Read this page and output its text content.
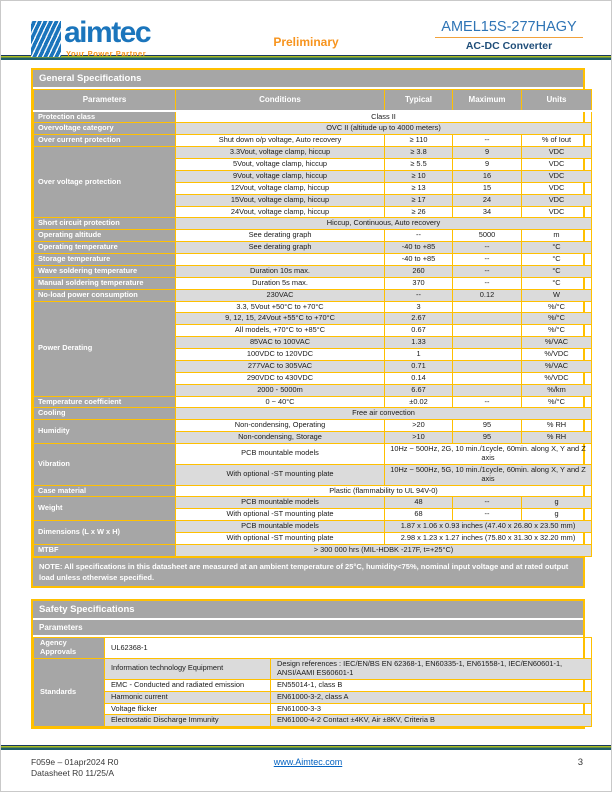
aimtec
Your Power Partner
Preliminary
AMEL15S-277HAGY
AC-DC Converter
General Specifications
Parameters	Conditions	Typical	Maximum	Units
Protection class	Class II			
Overvoltage category	OVC II (altitude up to 4000 meters)			
Over current protection	Shut down o/p voltage, Auto recovery	≥ 110	--	% of Iout
Over voltage protection	3.3Vout, voltage clamp, hiccup	≥ 3.8	9	VDC
	5Vout, voltage clamp, hiccup	≥ 5.5	9	VDC
	9Vout, voltage clamp, hiccup	≥ 10	16	VDC
	12Vout, voltage clamp, hiccup	≥ 13	15	VDC
	15Vout, voltage clamp, hiccup	≥ 17	24	VDC
	24Vout, voltage clamp, hiccup	≥ 26	34	VDC
Short circuit protection	Hiccup, Continuous, Auto recovery			
Operating altitude	See derating graph	--	5000	m
Operating temperature	See derating graph	-40 to +85	--	°C
Storage temperature		-40 to +85	--	°C
Wave soldering temperature	Duration 10s max.	260	--	°C
Manual soldering temperature	Duration 5s max.	370	--	°C
No-load power consumption	230VAC	--	0.12	W
Power Derating	3.3, 5Vout +50°C to +70°C	3		%/°C
	9, 12, 15, 24Vout +55°C to +70°C	2.67		%/°C
	All models, +70°C to +85°C	0.67		%/°C
	85VAC to 100VAC	1.33		%/VAC
	100VDC to 120VDC	1		%/VDC
	277VAC to 305VAC	0.71		%/VAC
	290VDC to 430VDC	0.14		%/VDC
	2000 - 5000m	6.67		%/km
Temperature coefficient	0 ~ 40°C	±0.02	--	%/°C
Cooling	Free air convection			
Humidity	Non-condensing, Operating	>20	95	% RH
	Non-condensing, Storage	>10	95	% RH
Vibration	PCB mountable models	10Hz ~ 500Hz, 2G, 10 min./1cycle, 60min. along X, Y and Z axis		
	With optional -ST mounting plate	10Hz ~ 500Hz, 5G, 10 min./1cycle, 60min. along X, Y and Z axis		
Case material	Plastic (flammability to UL 94V-0)			
Weight	PCB mountable models	48	--	g
	With optional -ST mounting plate	68	--	g
Dimensions (L x W x H)	PCB mountable models	1.87 x 1.06 x 0.93 inches (47.40 x 26.80 x 23.50 mm)		
	With optional -ST mounting plate	2.98 x 1.23 x 1.27 inches (75.80 x 31.30 x 32.20 mm)		
MTBF	> 300 000 hrs (MIL-HDBK -217F, t=+25°C)			
NOTE: All specifications in this datasheet are measured at an ambient temperature of 25°C, humidity<75%, nominal input voltage and at rated output load unless otherwise specified.
Safety Specifications
Parameters
Agency Approvals	UL62368-1	
Standards	Information technology Equipment	Design references : IEC/EN/BS EN 62368-1, EN60335-1, EN61558-1, IEC/EN60601-1, ANSI/AAMI ES60601-1
	EMC - Conducted and radiated emission	EN55014-1, class B
	Harmonic current	EN61000-3-2, class A
	Voltage flicker	EN61000-3-3
	Electrostatic Discharge Immunity	EN61000-4-2 Contact ±4KV, Air ±8KV, Criteria B
F059e – 01apr2024 R0
Datasheet R0 11/25/A
www.Aimtec.com	3
